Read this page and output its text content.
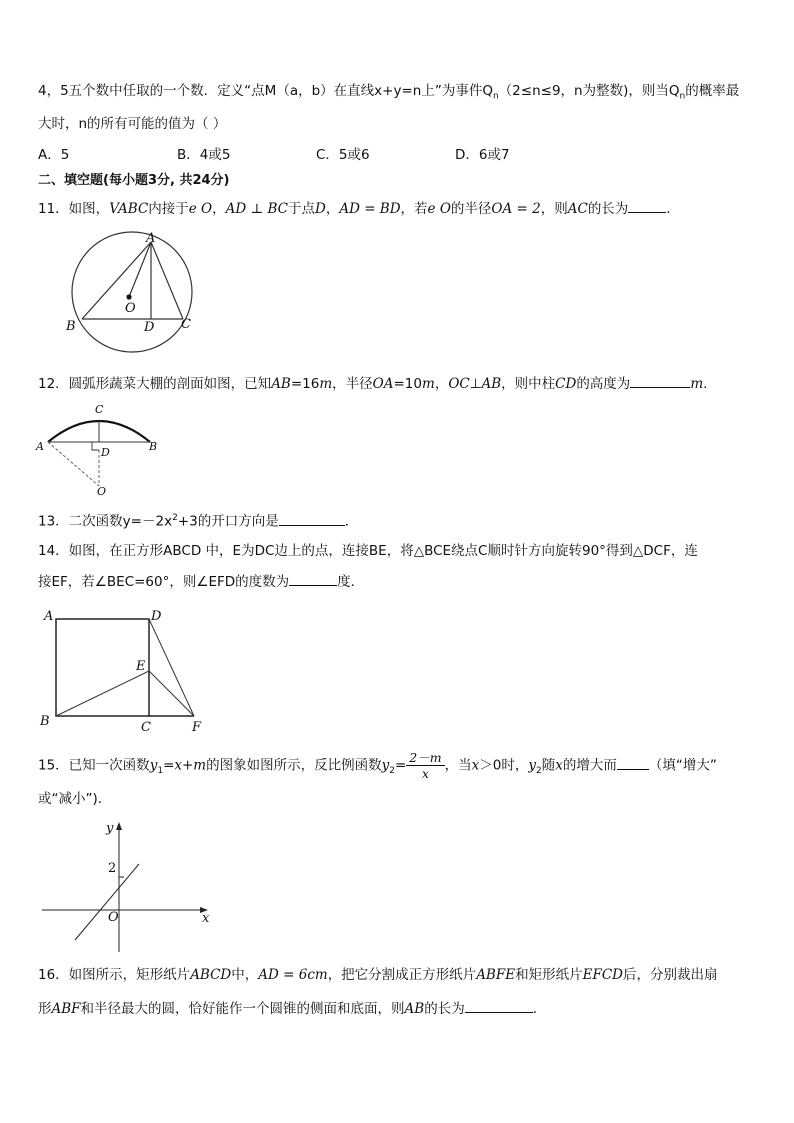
4，5五个数中任取的一个数．定义“点M（a，b）在直线x+y=n上”为事件$Q_n(2\le n\le 9$，n为整数)，则当$Q_n$的概率最
大时，n的所有可能的值为（ ）
A．5	B．4或5	C．5或6	D．6或7
二、填空题(每小题3分, 共24分)
11．如图，VABC内接于e O，AD ⊥ BC于点D，AD = BD，若e O的半径OA = 2，则AC的长为	．
A
B	C
D
O
12．圆弧形蔬菜大棚的剖面如图，已知AB=16m，半径OA=10m，OC⊥AB，则中柱CD的高度为	m.
A	B
C
D
O
13．二次函数$y=-2x^2+3$的开口方向是	．
14．如图，在正方形ABCD 中，E为DC边上的点，连接BE，将△BCE绕点C顺时针方向旋转90°得到△DCF，连
接EF，若∠BEC=60°，则∠EFD的度数为	度.
A	D
E
B	C	F
15．已知一次函数$y_1=x+m$的图象如图所示，反比例函数$y_2= \frac{2-m}{x}$ ，当x＞0时，$y_2$随x的增大而 （填“增大”
或“减小”).
y
2
O	x
16．如图所示，矩形纸片ABCD中，AD = 6cm，把它分割成正方形纸片ABFE和矩形纸片EFCD后，分别裁出扇
形ABF和半径最大的圆，恰好能作一个圆锥的侧面和底面，则AB的长为	.
